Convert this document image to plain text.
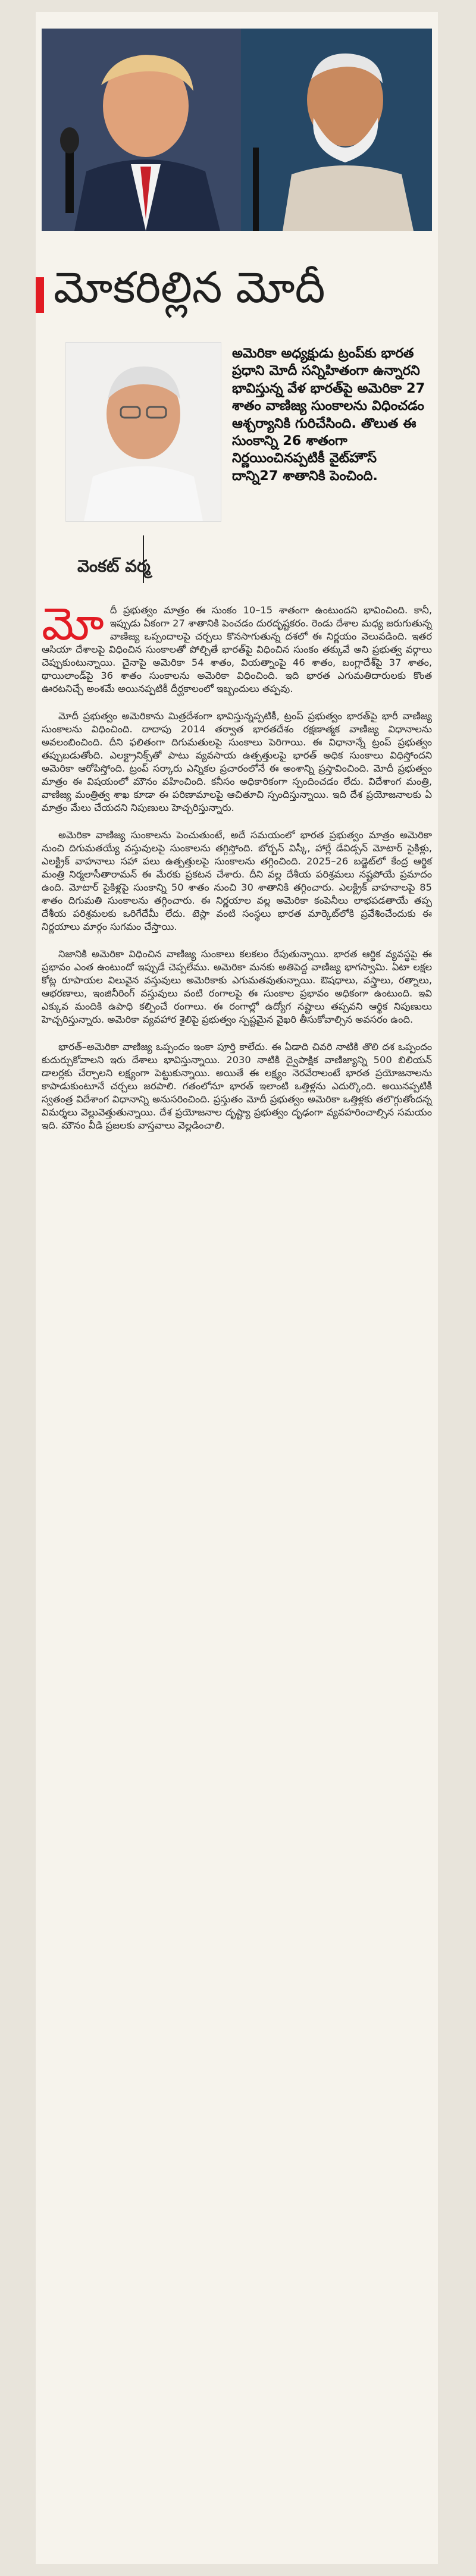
మోకరిల్లిన మోదీ
వెంకట్ వర్మ

అమెరికా అధ్యక్షుడు ట్రంప్‌కు భారత ప్రధాని మోదీ సన్నిహితంగా ఉన్నారని భావిస్తున్న వేళ భారత్‌పై అమెరికా 27 శాతం వాణిజ్య సుంకాలను విధించడం ఆశ్చర్యానికి గురిచేసింది. తొలుత ఈ సుంకాన్ని 26 శాతంగా నిర్ణయించినప్పటికీ వైట్‌హౌస్ దాన్ని27 శాతానికి పెంచింది.

మోదీ ప్రభుత్వం మాత్రం ఈ సుంకం 10–15 శాతంగా ఉంటుందని భావించింది. కానీ, ఇప్పుడు ఏకంగా 27 శాతానికి పెంచడం దురదృష్టకరం. రెండు దేశాల మధ్య జరుగుతున్న వాణిజ్య ఒప్పందాలపై చర్చలు కొనసాగుతున్న దశలో ఈ నిర్ణయం వెలువడింది. ఇతర ఆసియా దేశాలపై విధించిన సుంకాలతో పోల్చితే భారత్‌పై విధించిన సుంకం తక్కువే అని ప్రభుత్వ వర్గాలు చెప్పుకుంటున్నాయి. చైనాపై అమెరికా 54 శాతం, వియత్నాంపై 46 శాతం, బంగ్లాదేశ్‌పై 37 శాతం, థాయిలాండ్‌పై 36 శాతం సుంకాలను అమెరికా విధించింది. ఇది భారత ఎగుమతిదారులకు కొంత ఊరటనిచ్చే అంశమే అయినప్పటికీ దీర్ఘకాలంలో ఇబ్బందులు తప్పవు.

మోదీ ప్రభుత్వం అమెరికాను మిత్రదేశంగా భావిస్తున్నప్పటికీ, ట్రంప్ ప్రభుత్వం భారత్‌పై భారీ వాణిజ్య సుంకాలను విధించింది. దాదాపు 2014 తర్వాత భారతదేశం రక్షణాత్మక వాణిజ్య విధానాలను అవలంబించింది. దీని ఫలితంగా దిగుమతులపై సుంకాలు పెరిగాయి. ఈ విధానాన్నే ట్రంప్ ప్రభుత్వం తప్పుబడుతోంది. ఎలక్ట్రానిక్స్‌తో పాటు వ్యవసాయ ఉత్పత్తులపై భారత్ అధిక సుంకాలు విధిస్తోందని అమెరికా ఆరోపిస్తోంది. ట్రంప్ సర్కారు ఎన్నికల ప్రచారంలోనే ఈ అంశాన్ని ప్రస్తావించింది. మోదీ ప్రభుత్వం మాత్రం ఈ విషయంలో మౌనం వహించింది. కనీసం అధికారికంగా స్పందించడం లేదు. విదేశాంగ మంత్రి, వాణిజ్య మంత్రిత్వ శాఖ కూడా ఈ పరిణామాలపై ఆచితూచి స్పందిస్తున్నాయి. ఇది దేశ ప్రయోజనాలకు ఏ మాత్రం మేలు చేయదని నిపుణులు హెచ్చరిస్తున్నారు.

అమెరికా వాణిజ్య సుంకాలను పెంచుతుంటే, అదే సమయంలో భారత ప్రభుత్వం మాత్రం అమెరికా నుంచి దిగుమతయ్యే వస్తువులపై సుంకాలను తగ్గిస్తోంది. బోర్బన్ విస్కీ, హార్లే డేవిడ్సన్ మోటార్ సైకిళ్లు, ఎలక్ట్రిక్ వాహనాలు సహా పలు ఉత్పత్తులపై సుంకాలను తగ్గించింది. 2025–26 బడ్జెట్‌లో కేంద్ర ఆర్థిక మంత్రి నిర్మలాసీతారామన్ ఈ మేరకు ప్రకటన చేశారు. దీని వల్ల దేశీయ పరిశ్రమలు నష్టపోయే ప్రమాదం ఉంది. మోటార్ సైకిళ్లపై సుంకాన్ని 50 శాతం నుంచి 30 శాతానికి తగ్గించారు. ఎలక్ట్రిక్ వాహనాలపై 85 శాతం దిగుమతి సుంకాలను తగ్గించారు. ఈ నిర్ణయాల వల్ల అమెరికా కంపెనీలు లాభపడతాయే తప్ప దేశీయ పరిశ్రమలకు ఒరిగేదేమీ లేదు. టెస్లా వంటి సంస్థలు భారత మార్కెట్‌లోకి ప్రవేశించేందుకు ఈ నిర్ణయాలు మార్గం సుగమం చేస్తాయి.

నిజానికి అమెరికా విధించిన వాణిజ్య సుంకాలు కలకలం రేపుతున్నాయి. భారత ఆర్థిక వ్యవస్థపై ఈ ప్రభావం ఎంత ఉంటుందో ఇప్పుడే చెప్పలేము. అమెరికా మనకు అతిపెద్ద వాణిజ్య భాగస్వామి. ఏటా లక్షల కోట్ల రూపాయల విలువైన వస్తువులు అమెరికాకు ఎగుమతవుతున్నాయి. ఔషధాలు, వస్త్రాలు, రత్నాలు, ఆభరణాలు, ఇంజినీరింగ్ వస్తువులు వంటి రంగాలపై ఈ సుంకాల ప్రభావం అధికంగా ఉంటుంది. ఇవి ఎక్కువ మందికి ఉపాధి కల్పించే రంగాలు. ఈ రంగాల్లో ఉద్యోగ నష్టాలు తప్పవని ఆర్థిక నిపుణులు హెచ్చరిస్తున్నారు. అమెరికా వ్యవహార శైలిపై ప్రభుత్వం స్పష్టమైన వైఖరి తీసుకోవాల్సిన అవసరం ఉంది.

భారత్–అమెరికా వాణిజ్య ఒప్పందం ఇంకా పూర్తి కాలేదు. ఈ ఏడాది చివరి నాటికి తొలి దశ ఒప్పందం కుదుర్చుకోవాలని ఇరు దేశాలు భావిస్తున్నాయి. 2030 నాటికి ద్వైపాక్షిక వాణిజ్యాన్ని 500 బిలియన్ డాలర్లకు చేర్చాలని లక్ష్యంగా పెట్టుకున్నాయి. అయితే ఈ లక్ష్యం నెరవేరాలంటే భారత ప్రయోజనాలను కాపాడుకుంటూనే చర్చలు జరపాలి. గతంలోనూ భారత్ ఇలాంటి ఒత్తిళ్లను ఎదుర్కొంది. అయినప్పటికీ స్వతంత్ర విదేశాంగ విధానాన్ని అనుసరించింది. ప్రస్తుతం మోదీ ప్రభుత్వం అమెరికా ఒత్తిళ్లకు తలొగ్గుతోందన్న విమర్శలు వెల్లువెత్తుతున్నాయి. దేశ ప్రయోజనాల దృష్ట్యా ప్రభుత్వం దృఢంగా వ్యవహరించాల్సిన సమయం ఇది. మౌనం వీడి ప్రజలకు వాస్తవాలు వెల్లడించాలి.
